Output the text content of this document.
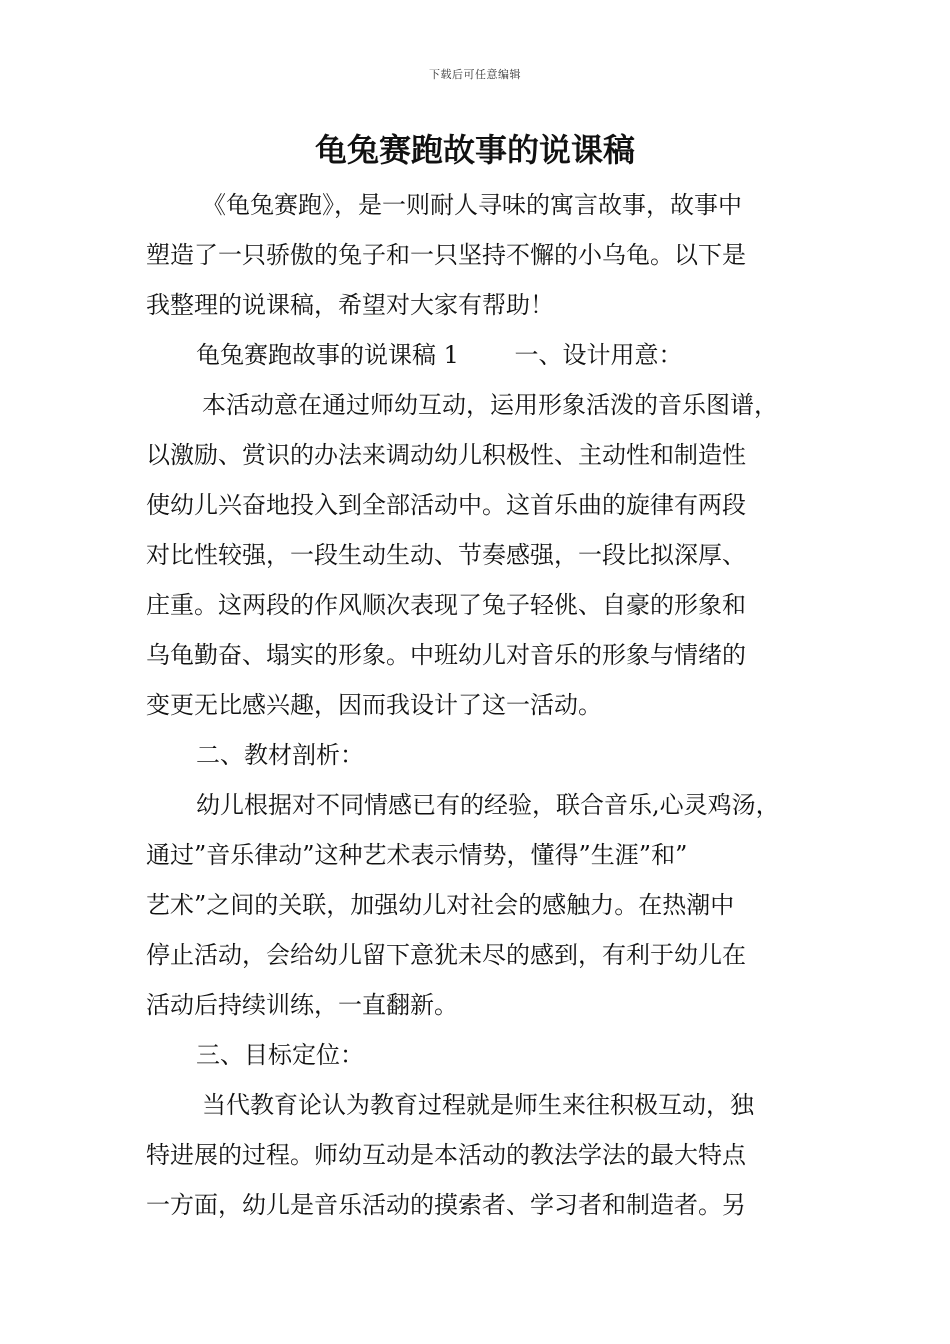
下载后可任意编辑
龟兔赛跑故事的说课稿
《龟兔赛跑》，是一则耐人寻味的寓言故事，故事中
塑造了一只骄傲的兔子和一只坚持不懈的小乌龟。以下是
我整理的说课稿，希望对大家有帮助！
龟兔赛跑故事的说课稿 1　　 一、设计用意：
本活动意在通过师幼互动，运用形象活泼的音乐图谱，
以激励、赏识的办法来调动幼儿积极性、主动性和制造性
使幼儿兴奋地投入到全部活动中。这首乐曲的旋律有两段
对比性较强，一段生动生动、节奏感强，一段比拟深厚、
庄重。这两段的作风顺次表现了兔子轻佻、自豪的形象和
乌龟勤奋、塌实的形象。中班幼儿对音乐的形象与情绪的
变更无比感兴趣，因而我设计了这一活动。
二、教材剖析：
幼儿根据对不同情感已有的经验，联合音乐,心灵鸡汤，
通过”音乐律动”这种艺术表示情势，懂得”生涯”和”
艺术”之间的关联，加强幼儿对社会的感触力。在热潮中
停止活动，会给幼儿留下意犹未尽的感到，有利于幼儿在
活动后持续训练，一直翻新。
三、目标定位：
当代教育论认为教育过程就是师生来往积极互动，独
特进展的过程。师幼互动是本活动的教法学法的最大特点
一方面，幼儿是音乐活动的摸索者、学习者和制造者。另
